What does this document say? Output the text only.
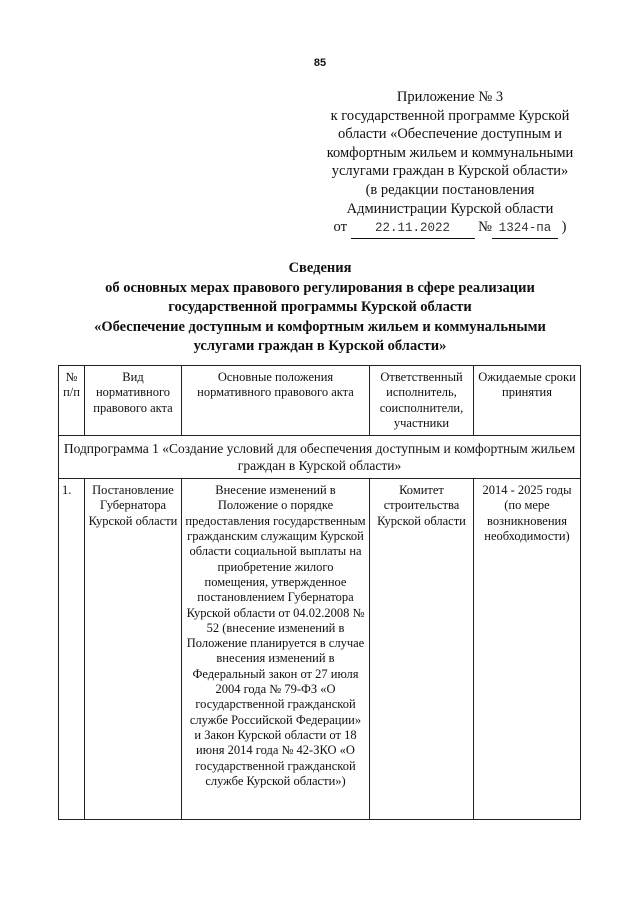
85
Приложение № 3
к государственной программе Курской
области «Обеспечение доступным и
комфортным жильем и коммунальными
услугами граждан в Курской области»
(в редакции постановления
Администрации Курской области
от 22.11.2022 № 1324-па )
Сведения
об основных мерах правового регулирования в сфере реализации
государственной программы Курской области
«Обеспечение доступным и комфортным жильем и коммунальными
услугами граждан в Курской области»
№ п/п	Вид нормативного правового акта	Основные положения нормативного правового акта	Ответственный исполнитель, соисполнители, участники	Ожидаемые сроки принятия
Подпрограмма 1 «Создание условий для обеспечения доступным и комфортным жильем граждан в Курской области»				
1.	Постановление Губернатора Курской области	Внесение изменений в Положение о порядке предоставления государственным гражданским служащим Курской области социальной выплаты на приобретение жилого помещения, утвержденное постановлением Губернатора Курской области от 04.02.2008 № 52 (внесение изменений в Положение планируется в случае внесения изменений в Федеральный закон от 27 июля 2004 года № 79-ФЗ «О государственной гражданской службе Российской Федерации» и Закон Курской области от 18 июня 2014 года № 42-ЗКО «О государственной гражданской службе Курской области»)	Комитет строительства Курской области	2014 - 2025 годы (по мере возникновения необходимости)
